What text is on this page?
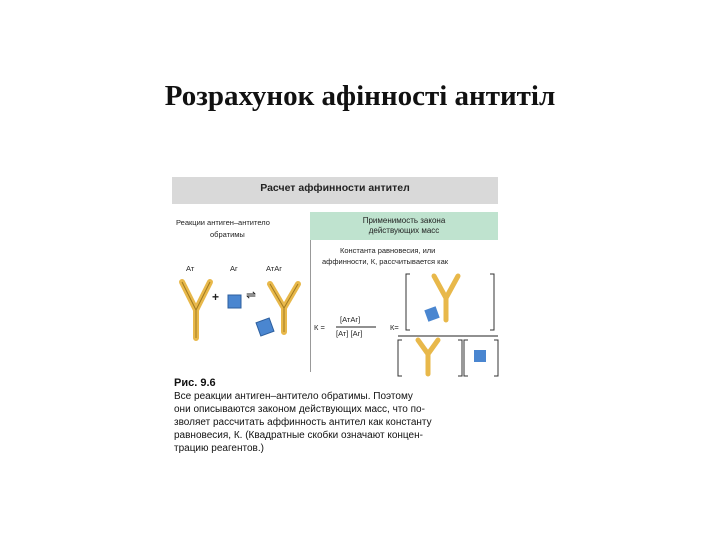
Розрахунок афінності антитіл
Расчет аффинности антител
Реакции антиген–антитело
обратимы
Ат	Аг	АтАг
+ ⇌
Применимость закона
действующих масс
Константа равновесия, или
аффинности, К, рассчитывается как
К =
[АтАг]
[Ат] [Аг]
К=
Рис. 9.6
Все реакции антиген–антитело обратимы. Поэтому
они описываются законом действующих масс, что по-
зволяет рассчитать аффинность антител как константу
равновесия, К. (Квадратные скобки означают концен-
трацию реагентов.)
